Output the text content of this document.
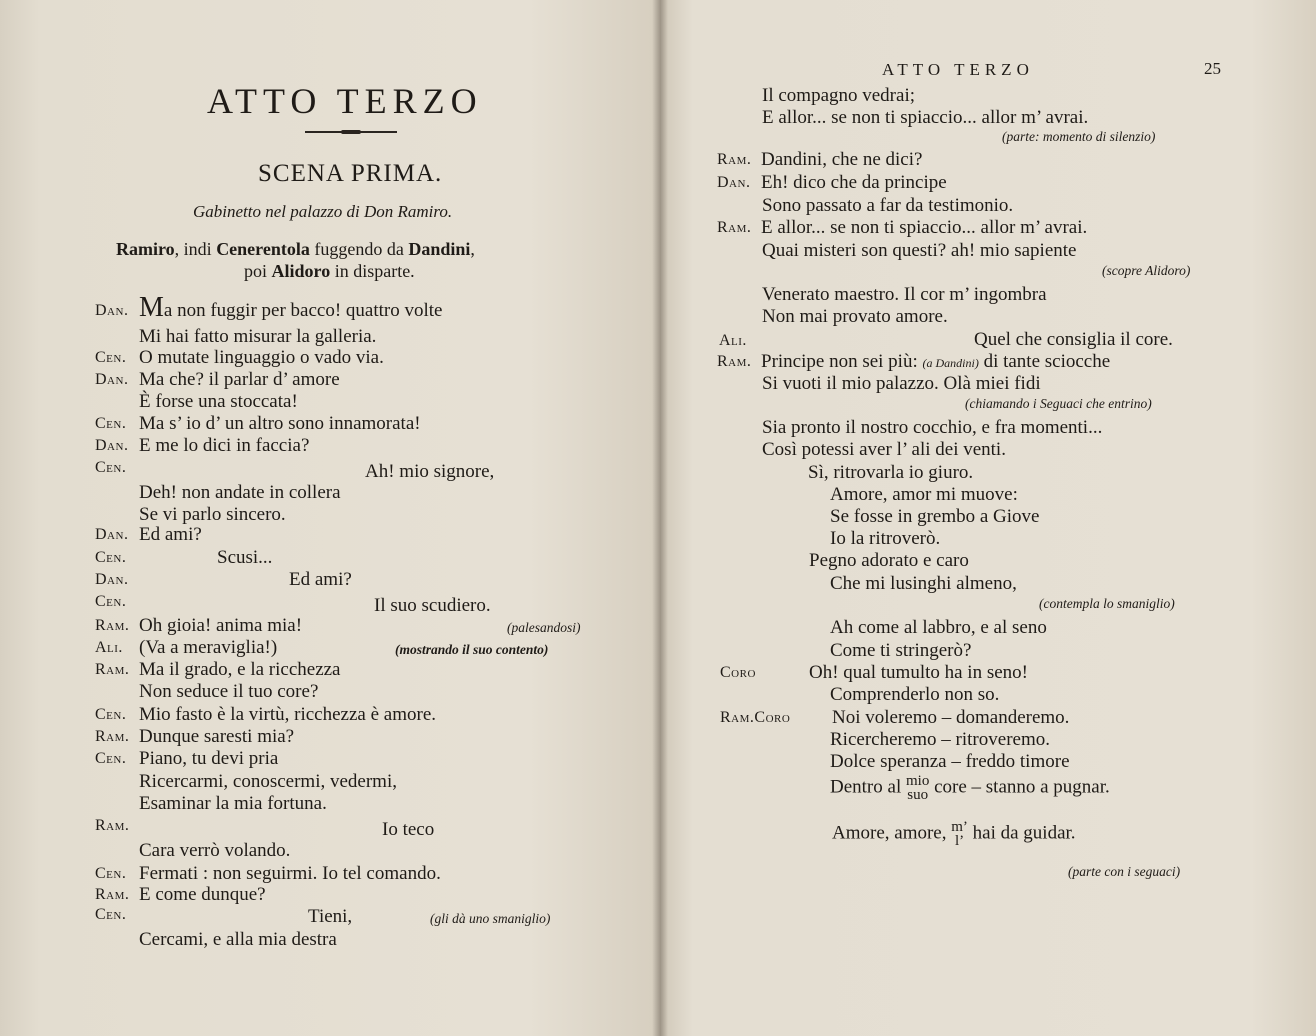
ATTO TERZO
SCENA PRIMA.
Gabinetto nel palazzo di Don Ramiro.
Ramiro, indi Cenerentola fuggendo da Dandini,
poi Alidoro in disparte.
Dan. Ma non fuggir per bacco! quattro volte
Mi hai fatto misurar la galleria.
Cen. O mutate linguaggio o vado via.
Dan. Ma che? il parlar d’ amore
È forse una stoccata!
Cen. Ma s’ io d’ un altro sono innamorata!
Dan. E me lo dici in faccia?
Cen.	Ah! mio signore,
Deh! non andate in collera
Se vi parlo sincero.
Dan. Ed ami?
Cen.	Scusi...
Dan.	Ed ami?
Cen.	Il suo scudiero.
Ram. Oh gioia! anima mia!	(palesandosi)
Ali. (Va a meraviglia!)	(mostrando il suo contento)
Ram. Ma il grado, e la ricchezza
Non seduce il tuo core?
Cen. Mio fasto è la virtù, ricchezza è amore.
Ram. Dunque saresti mia?
Cen. Piano, tu devi pria
Ricercarmi, conoscermi, vedermi,
Esaminar la mia fortuna.
Ram.	Io teco
Cara verrò volando.
Cen. Fermati : non seguirmi. Io tel comando.
Ram. E come dunque?
Cen.	Tieni,	(gli dà uno smaniglio)
Cercami, e alla mia destra
ATTO TERZO	25
Il compagno vedrai;
E allor... se non ti spiaccio... allor m’ avrai.
(parte: momento di silenzio)
Ram. Dandini, che ne dici?
Dan. Eh! dico che da principe
Sono passato a far da testimonio.
Ram. E allor... se non ti spiaccio... allor m’ avrai.
Quai misteri son questi? ah! mio sapiente
(scopre Alidoro)
Venerato maestro. Il cor m’ ingombra
Non mai provato amore.
Ali.	Quel che consiglia il core.
Ram. Principe non sei più: (a Dandini) di tante sciocche
Si vuoti il mio palazzo. Olà miei fidi
(chiamando i Seguaci che entrino)
Sia pronto il nostro cocchio, e fra momenti...
Così potessi aver l’ ali dei venti.
Sì, ritrovarla io giuro.
Amore, amor mi muove:
Se fosse in grembo a Giove
Io la ritroverò.
Pegno adorato e caro
Che mi lusinghi almeno,
(contempla lo smaniglio)
Ah come al labbro, e al seno
Come ti stringerò?
Coro	Oh! qual tumulto ha in seno!
Comprenderlo non so.
Ram.Coro Noi voleremo – domanderemo.
Ricercheremo – ritroveremo.
Dolce speranza – freddo timore
Dentro al mio
suo core – stanno a pugnar.
Amore, amore, m’
l’ hai da guidar.
(parte con i seguaci)
